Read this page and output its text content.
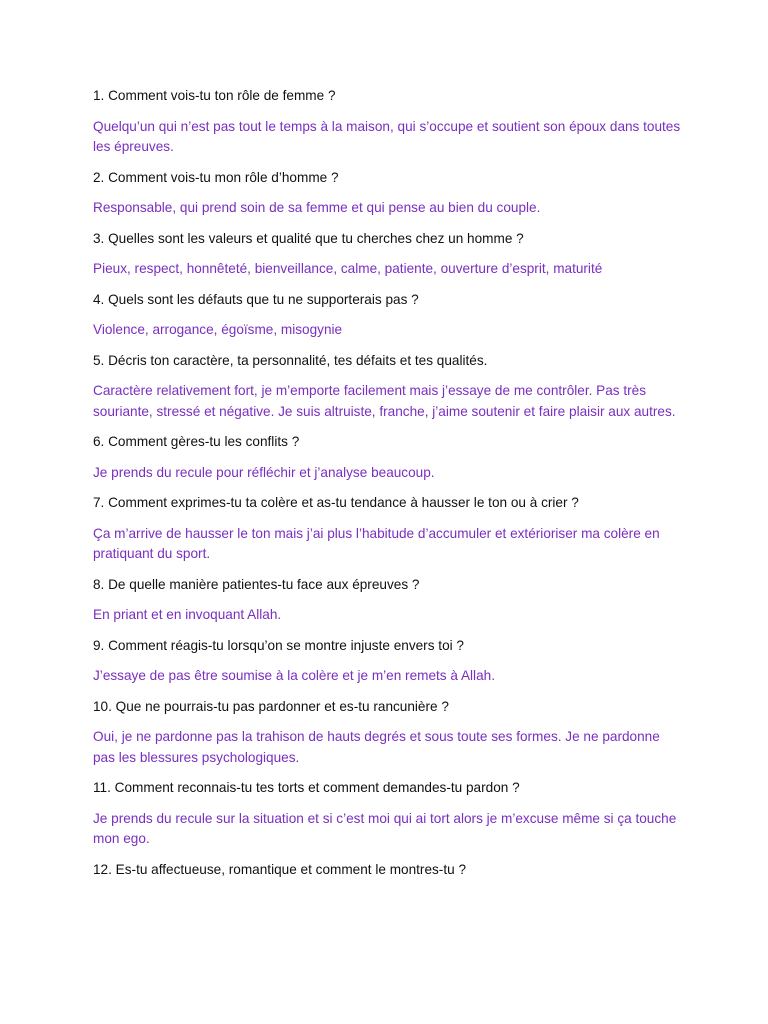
1. Comment vois-tu ton rôle de femme ?

Quelqu’un qui n’est pas tout le temps à la maison, qui s’occupe et soutient son époux dans toutes les épreuves.

2. Comment vois-tu mon rôle d’homme ?

Responsable, qui prend soin de sa femme et qui pense au bien du couple.

3. Quelles sont les valeurs et qualité que tu cherches chez un homme ?

Pieux, respect, honnêteté, bienveillance, calme, patiente, ouverture d’esprit, maturité

4. Quels sont les défauts que tu ne supporterais pas ?

Violence, arrogance, égoïsme, misogynie

5. Décris ton caractère, ta personnalité, tes défaits et tes qualités.

Caractère relativement fort, je m’emporte facilement mais j’essaye de me contrôler. Pas très souriante, stressé et négative. Je suis altruiste, franche, j’aime soutenir et faire plaisir aux autres.

6. Comment gères-tu les conflits ?

Je prends du recule pour réfléchir et j’analyse beaucoup.

7. Comment exprimes-tu ta colère et as-tu tendance à hausser le ton ou à crier ?

Ça m’arrive de hausser le ton mais j’ai plus l’habitude d’accumuler et extérioriser ma colère en pratiquant du sport.

8. De quelle manière patientes-tu face aux épreuves ?

En priant et en invoquant Allah.

9. Comment réagis-tu lorsqu’on se montre injuste envers toi ?

J’essaye de pas être soumise à la colère et je m’en remets à Allah.

10. Que ne pourrais-tu pas pardonner et es-tu rancunière ?

Oui, je ne pardonne pas la trahison de hauts degrés et sous toute ses formes. Je ne pardonne pas les blessures psychologiques.

11. Comment reconnais-tu tes torts et comment demandes-tu pardon ?

Je prends du recule sur la situation et si c’est moi qui ai tort alors je m’excuse même si ça touche mon ego.

12. Es-tu affectueuse, romantique et comment le montres-tu ?
